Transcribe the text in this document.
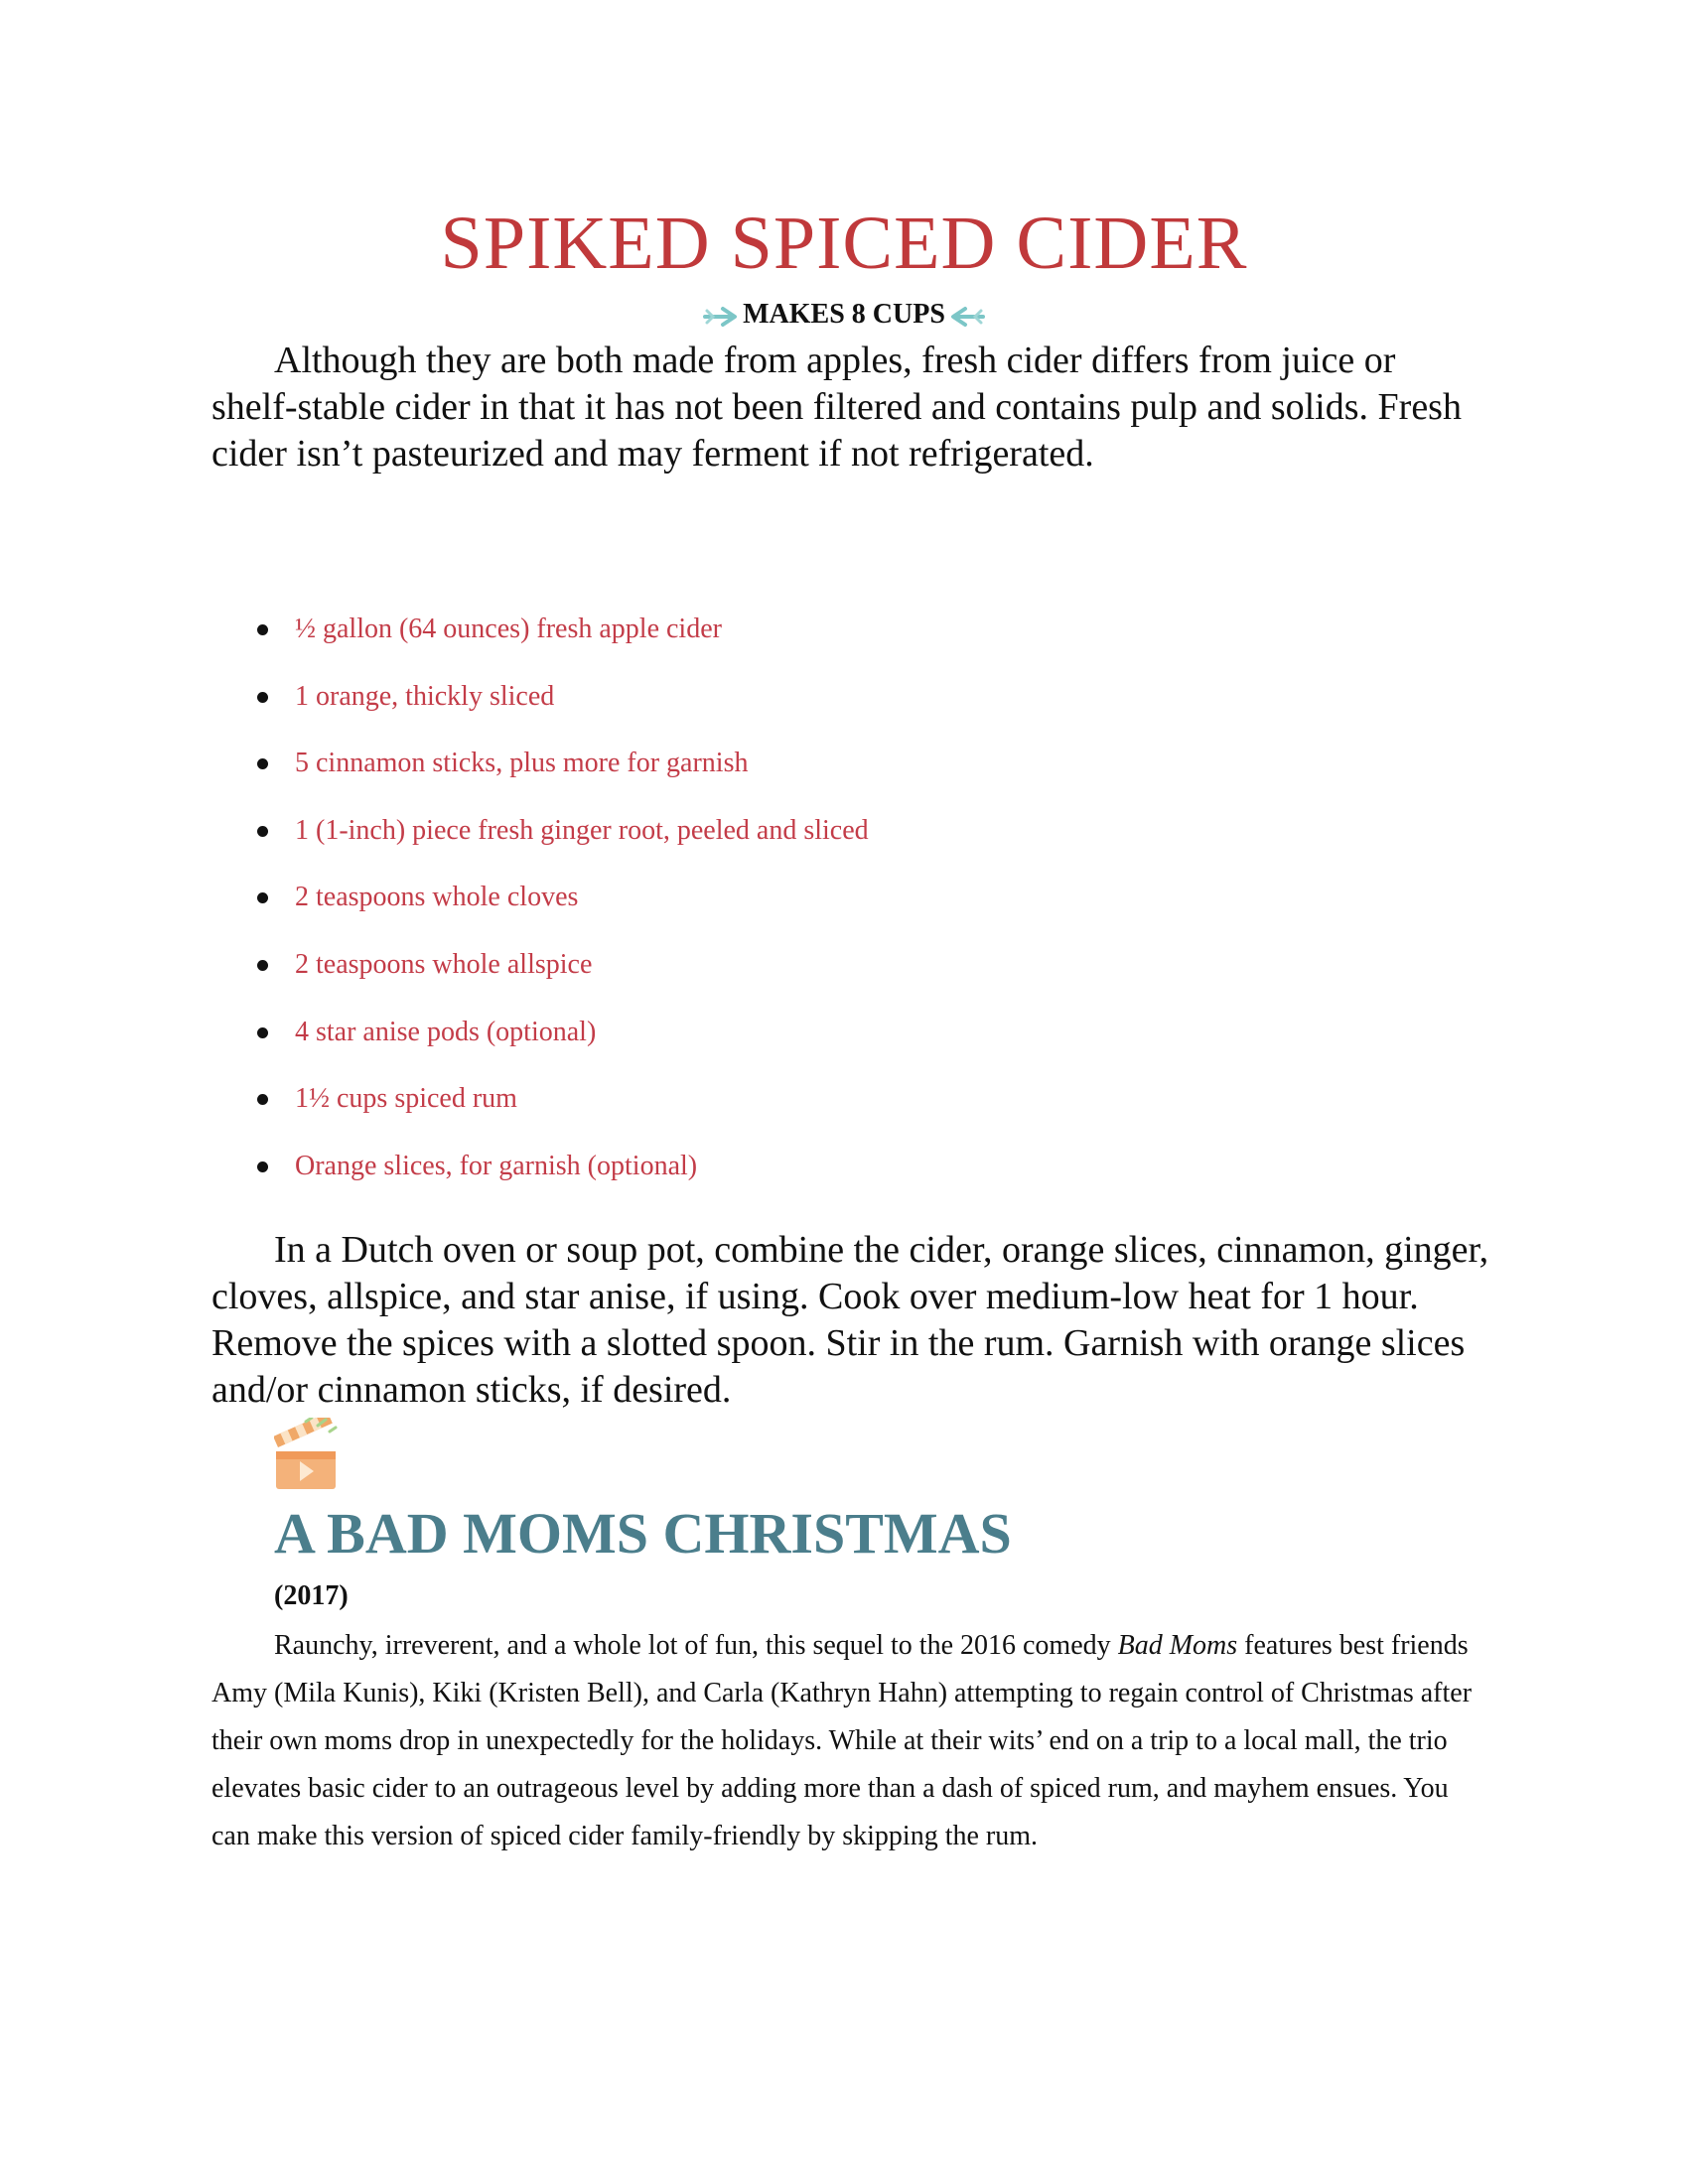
SPIKED SPICED CIDER
MAKES 8 CUPS

Although they are both made from apples, fresh cider differs from juice or shelf-stable cider in that it has not been filtered and contains pulp and solids. Fresh cider isn’t pasteurized and may ferment if not refrigerated.

½ gallon (64 ounces) fresh apple cider
1 orange, thickly sliced
5 cinnamon sticks, plus more for garnish
1 (1-inch) piece fresh ginger root, peeled and sliced
2 teaspoons whole cloves
2 teaspoons whole allspice
4 star anise pods (optional)
1½ cups spiced rum
Orange slices, for garnish (optional)

In a Dutch oven or soup pot, combine the cider, orange slices, cinnamon, ginger, cloves, allspice, and star anise, if using. Cook over medium-low heat for 1 hour. Remove the spices with a slotted spoon. Stir in the rum. Garnish with orange slices and/or cinnamon sticks, if desired.

A BAD MOMS CHRISTMAS
(2017)

Raunchy, irreverent, and a whole lot of fun, this sequel to the 2016 comedy Bad Moms features best friends Amy (Mila Kunis), Kiki (Kristen Bell), and Carla (Kathryn Hahn) attempting to regain control of Christmas after their own moms drop in unexpectedly for the holidays. While at their wits’ end on a trip to a local mall, the trio elevates basic cider to an outrageous level by adding more than a dash of spiced rum, and mayhem ensues. You can make this version of spiced cider family-friendly by skipping the rum.
